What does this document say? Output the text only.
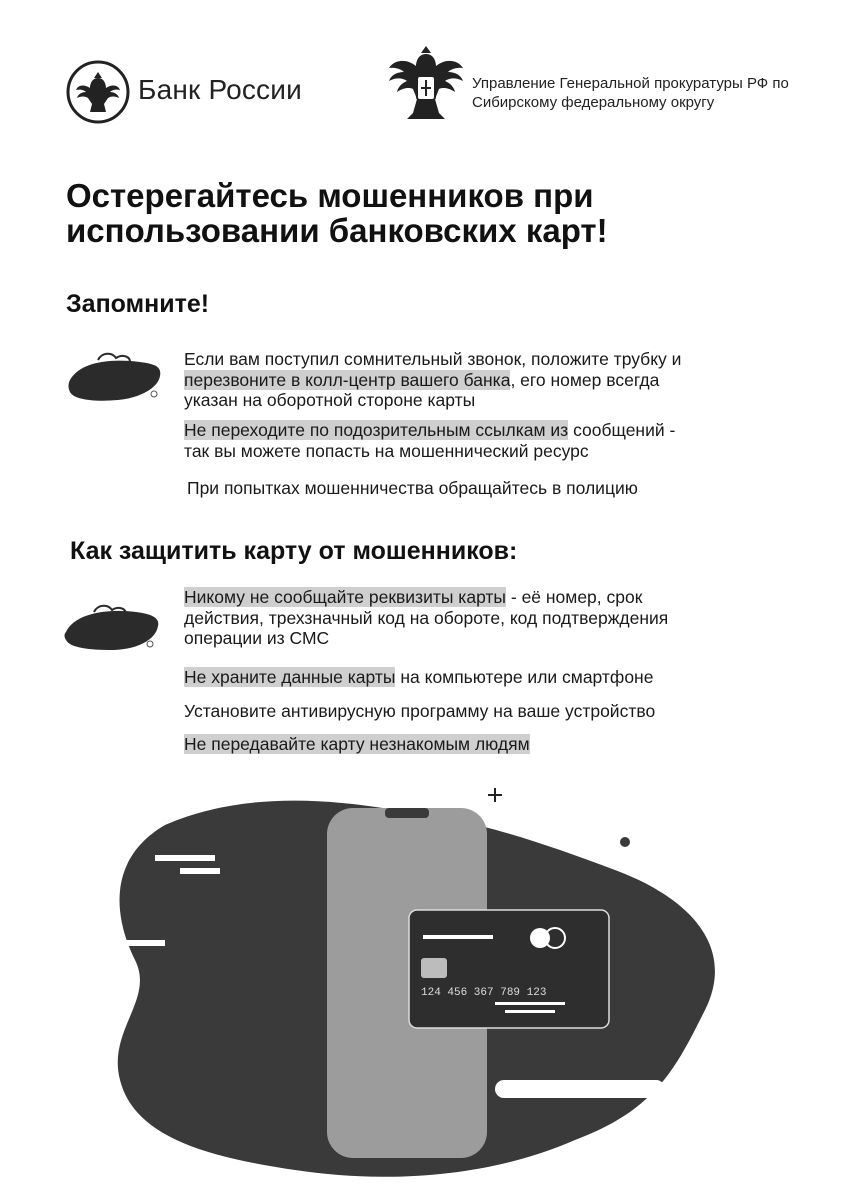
Банк России	Управление Генеральной прокуратуры РФ по
Сибирскому федеральному округу
Остерегайтесь мошенников при
использовании банковских карт!
Запомните!
Если вам поступил сомнительный звонок, положите трубку и
перезвоните в колл-центр вашего банка, его номер всегда
указан на оборотной стороне карты
Не переходите по подозрительным ссылкам из сообщений -
так вы можете попасть на мошеннический ресурс
При попытках мошенничества обращайтесь в полицию
Как защитить карту от мошенников:
Никому не сообщайте реквизиты карты - её номер, срок
действия, трехзначный код на обороте, код подтверждения
операции из СМС
Не храните данные карты на компьютере или смартфоне
Установите антивирусную программу на ваше устройство
Не передавайте карту незнакомым людям
124 456 367 789 123
